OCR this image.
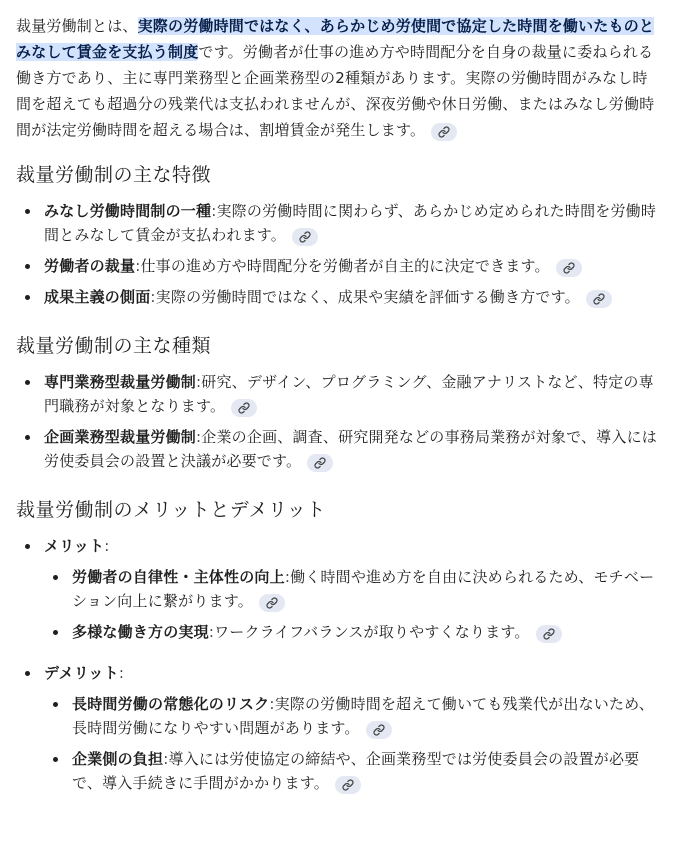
裁量労働制とは、実際の労働時間ではなく、あらかじめ労使間で協定した時間を働いたものとみなして賃金を支払う制度です。労働者が仕事の進め方や時間配分を自身の裁量に委ねられる働き方であり、主に専門業務型と企画業務型の2種類があります。実際の労働時間がみなし時間を超えても超過分の残業代は支払われませんが、深夜労働や休日労働、またはみなし労働時間が法定労働時間を超える場合は、割増賃金が発生します。

裁量労働制の主な特徴
みなし労働時間制の一種:実際の労働時間に関わらず、あらかじめ定められた時間を労働時間とみなして賃金が支払われます。
労働者の裁量:仕事の進め方や時間配分を労働者が自主的に決定できます。
成果主義の側面:実際の労働時間ではなく、成果や実績を評価する働き方です。
裁量労働制の主な種類
専門業務型裁量労働制:研究、デザイン、プログラミング、金融アナリストなど、特定の専門職務が対象となります。
企画業務型裁量労働制:企業の企画、調査、研究開発などの事務局業務が対象で、導入には労使委員会の設置と決議が必要です。
裁量労働制のメリットとデメリット
メリット:
労働者の自律性・主体性の向上:働く時間や進め方を自由に決められるため、モチベーション向上に繋がります。
多様な働き方の実現:ワークライフバランスが取りやすくなります。
デメリット:
長時間労働の常態化のリスク:実際の労働時間を超えて働いても残業代が出ないため、長時間労働になりやすい問題があります。
企業側の負担:導入には労使協定の締結や、企画業務型では労使委員会の設置が必要で、導入手続きに手間がかかります。
